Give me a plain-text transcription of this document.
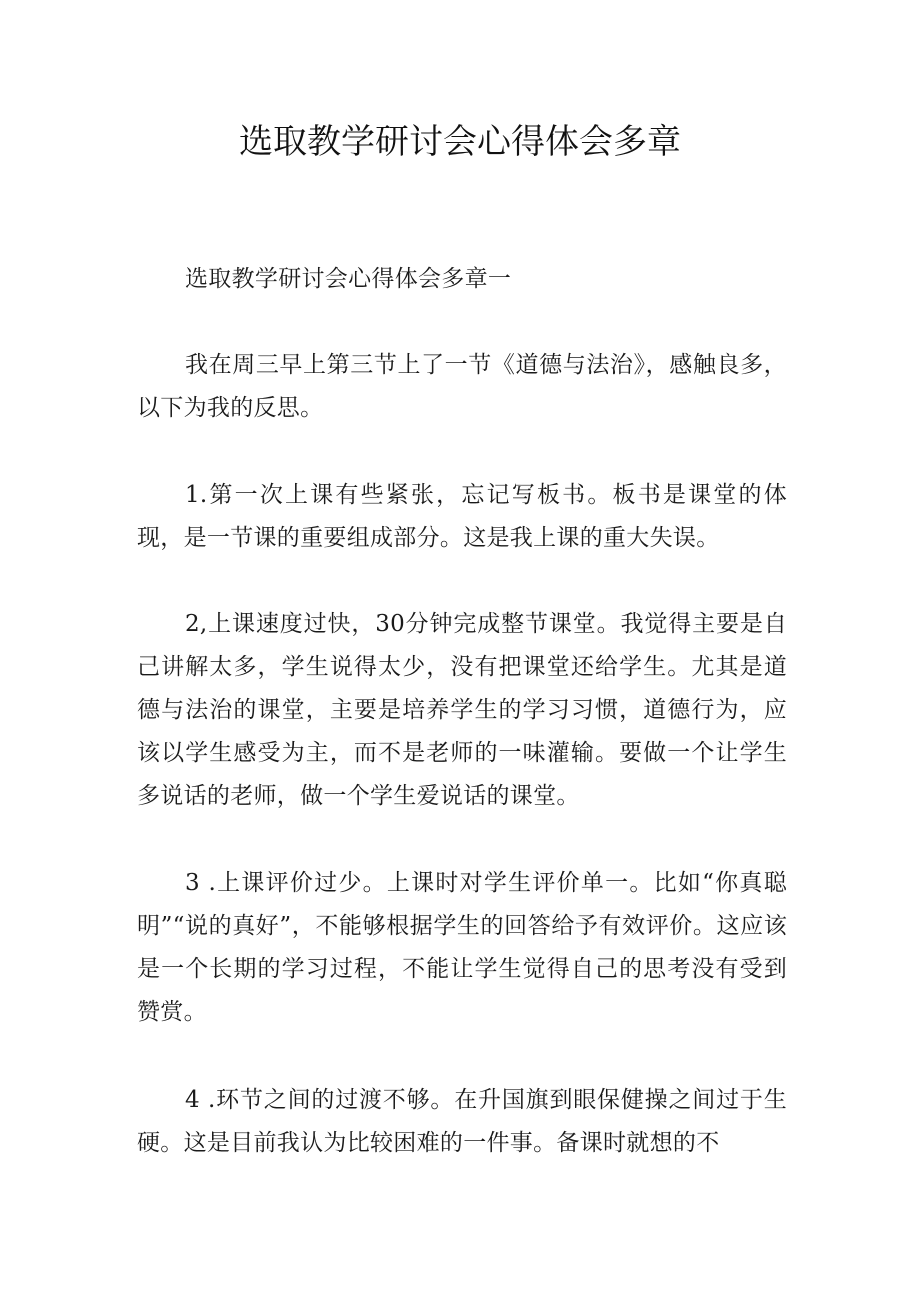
选取教学研讨会心得体会多章

选取教学研讨会心得体会多章一

我在周三早上第三节上了一节《道德与法治》，感触良多，以下为我的反思。

1.第一次上课有些紧张，忘记写板书。板书是课堂的体现，是一节课的重要组成部分。这是我上课的重大失误。

2,上课速度过快，30分钟完成整节课堂。我觉得主要是自己讲解太多，学生说得太少，没有把课堂还给学生。尤其是道德与法治的课堂，主要是培养学生的学习习惯，道德行为，应该以学生感受为主，而不是老师的一味灌输。要做一个让学生多说话的老师，做一个学生爱说话的课堂。

3 .上课评价过少。上课时对学生评价单一。比如“你真聪明”“说的真好”，不能够根据学生的回答给予有效评价。这应该是一个长期的学习过程，不能让学生觉得自己的思考没有受到赞赏。

4 .环节之间的过渡不够。在升国旗到眼保健操之间过于生硬。这是目前我认为比较困难的一件事。备课时就想的不
